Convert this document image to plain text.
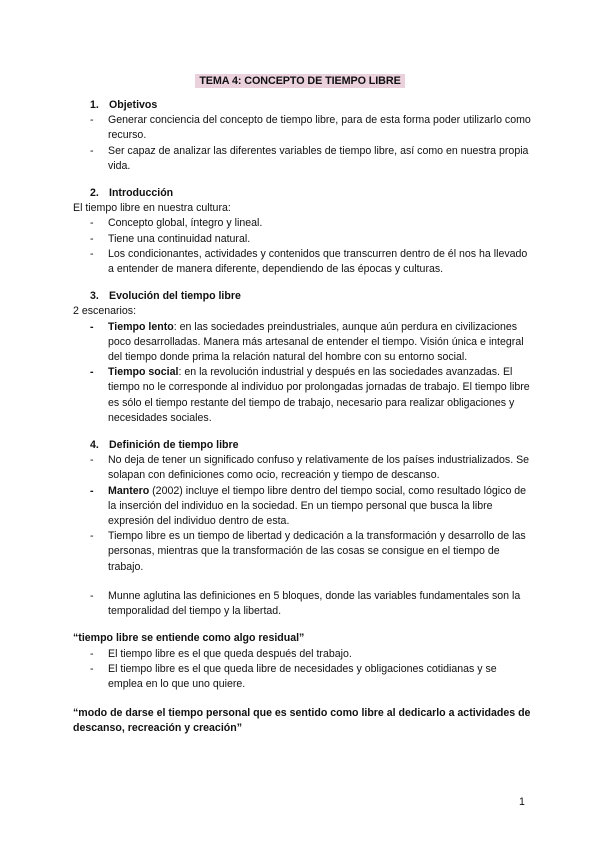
TEMA 4: CONCEPTO DE TIEMPO LIBRE
1. Objetivos
- Generar conciencia del concepto de tiempo libre, para de esta forma poder utilizarlo como recurso.
- Ser capaz de analizar las diferentes variables de tiempo libre, así como en nuestra propia vida.
2. Introducción

El tiempo libre en nuestra cultura:

- Concepto global, íntegro y lineal.
- Tiene una continuidad natural.
- Los condicionantes, actividades y contenidos que transcurren dentro de él nos ha llevado a entender de manera diferente, dependiendo de las épocas y culturas.
3. Evolución del tiempo libre

2 escenarios:

- Tiempo lento: en las sociedades preindustriales, aunque aún perdura en civilizaciones poco desarrolladas. Manera más artesanal de entender el tiempo. Visión única e integral del tiempo donde prima la relación natural del hombre con su entorno social.
- Tiempo social: en la revolución industrial y después en las sociedades avanzadas. El tiempo no le corresponde al individuo por prolongadas jornadas de trabajo. El tiempo libre es sólo el tiempo restante del tiempo de trabajo, necesario para realizar obligaciones y necesidades sociales.
4. Definición de tiempo libre
- No deja de tener un significado confuso y relativamente de los países industrializados. Se solapan con definiciones como ocio, recreación y tiempo de descanso.
- Mantero (2002) incluye el tiempo libre dentro del tiempo social, como resultado lógico de la inserción del individuo en la sociedad. En un tiempo personal que busca la libre expresión del individuo dentro de esta.
- Tiempo libre es un tiempo de libertad y dedicación a la transformación y desarrollo de las personas, mientras que la transformación de las cosas se consigue en el tiempo de trabajo.
- Munne aglutina las definiciones en 5 bloques, donde las variables fundamentales son la temporalidad del tiempo y la libertad.
“tiempo libre se entiende como algo residual”
- El tiempo libre es el que queda después del trabajo.
- El tiempo libre es el que queda libre de necesidades y obligaciones cotidianas y se emplea en lo que uno quiere.
“modo de darse el tiempo personal que es sentido como libre al dedicarlo a actividades de descanso, recreación y creación”
1
